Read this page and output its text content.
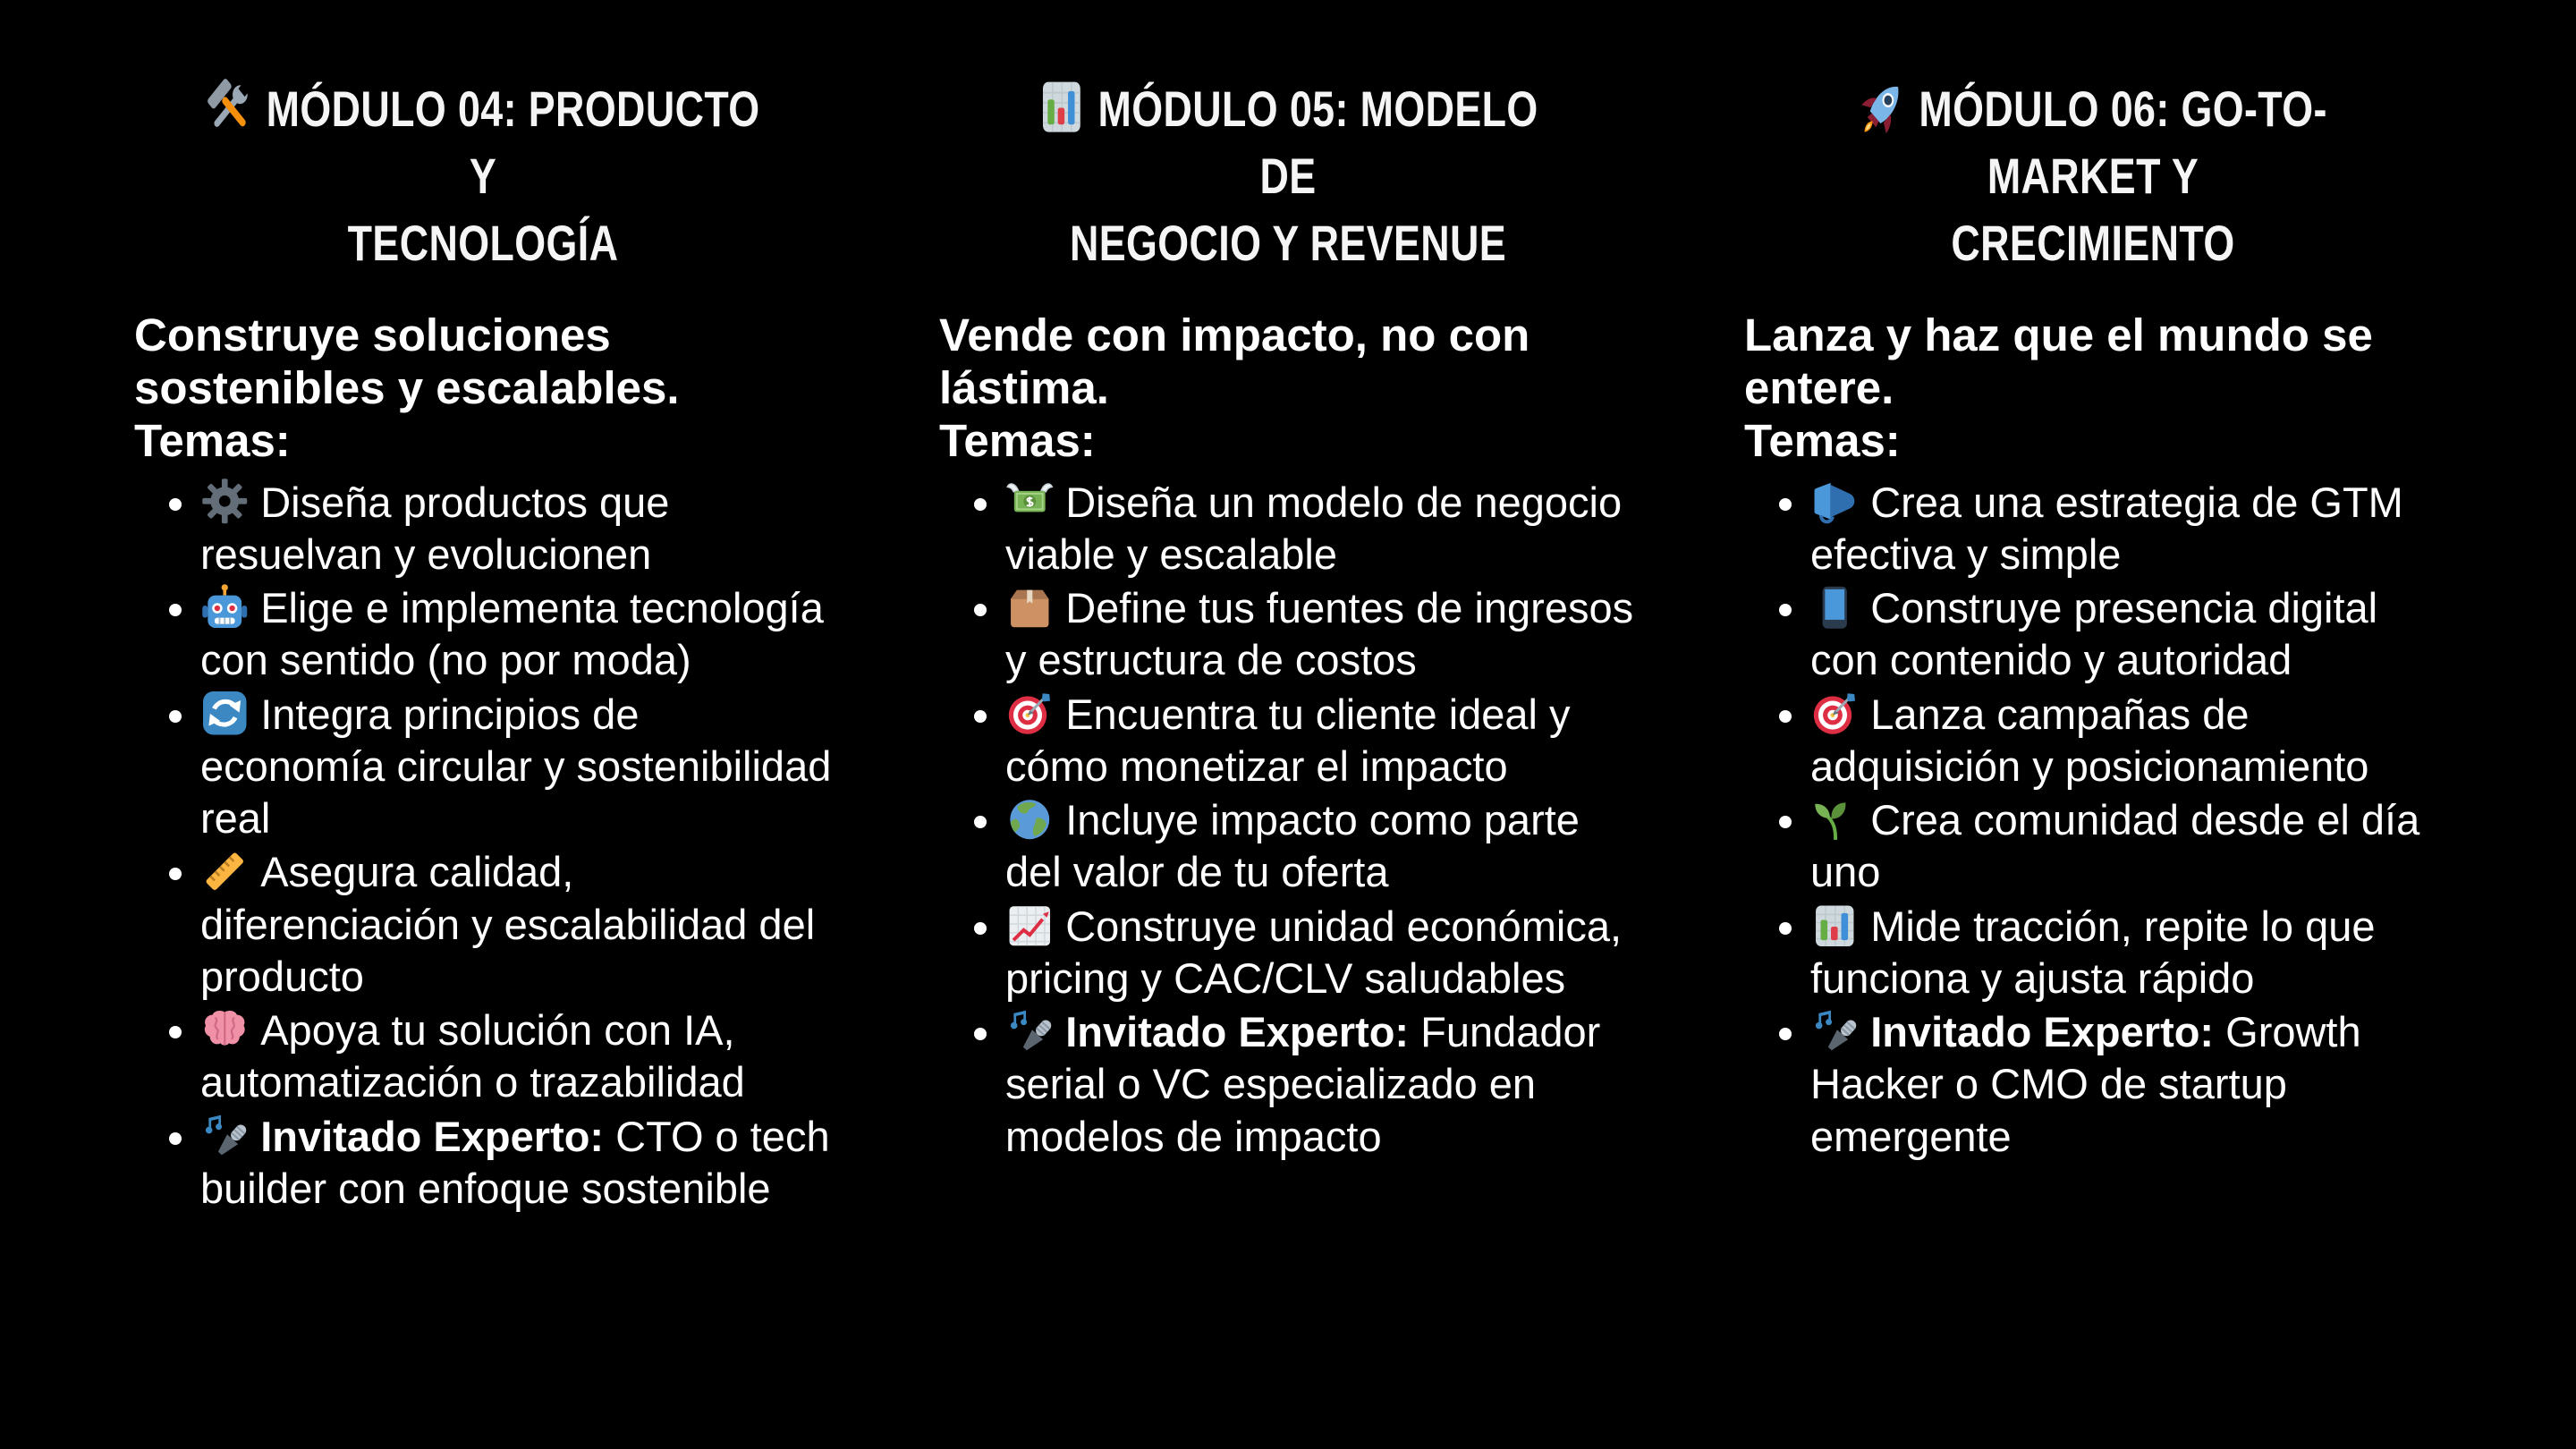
MÓDULO 04: PRODUCTO Y
TECNOLOGÍA

Construye soluciones sostenibles y escalables.

Temas:

• Diseña productos que resuelvan y evolucionen
• Elige e implementa tecnología con sentido (no por moda)
• Integra principios de economía circular y sostenibilidad real
• Asegura calidad, diferenciación y escalabilidad del producto
• Apoya tu solución con IA, automatización o trazabilidad
• Invitado Experto: CTO o tech builder con enfoque sostenible
MÓDULO 05: MODELO DE
NEGOCIO Y REVENUE

Vende con impacto, no con lástima.

Temas:

• Diseña un modelo de negocio viable y escalable
• Define tus fuentes de ingresos y estructura de costos
• Encuentra tu cliente ideal y cómo monetizar el impacto
• Incluye impacto como parte del valor de tu oferta
• Construye unidad económica, pricing y CAC/CLV saludables
• Invitado Experto: Fundador serial o VC especializado en modelos de impacto
MÓDULO 06: GO-TO-MARKET Y
CRECIMIENTO

Lanza y haz que el mundo se entere.

Temas:

• Crea una estrategia de GTM efectiva y simple
• Construye presencia digital con contenido y autoridad
• Lanza campañas de adquisición y posicionamiento
• Crea comunidad desde el día uno
• Mide tracción, repite lo que funciona y ajusta rápido
• Invitado Experto: Growth Hacker o CMO de startup emergente
